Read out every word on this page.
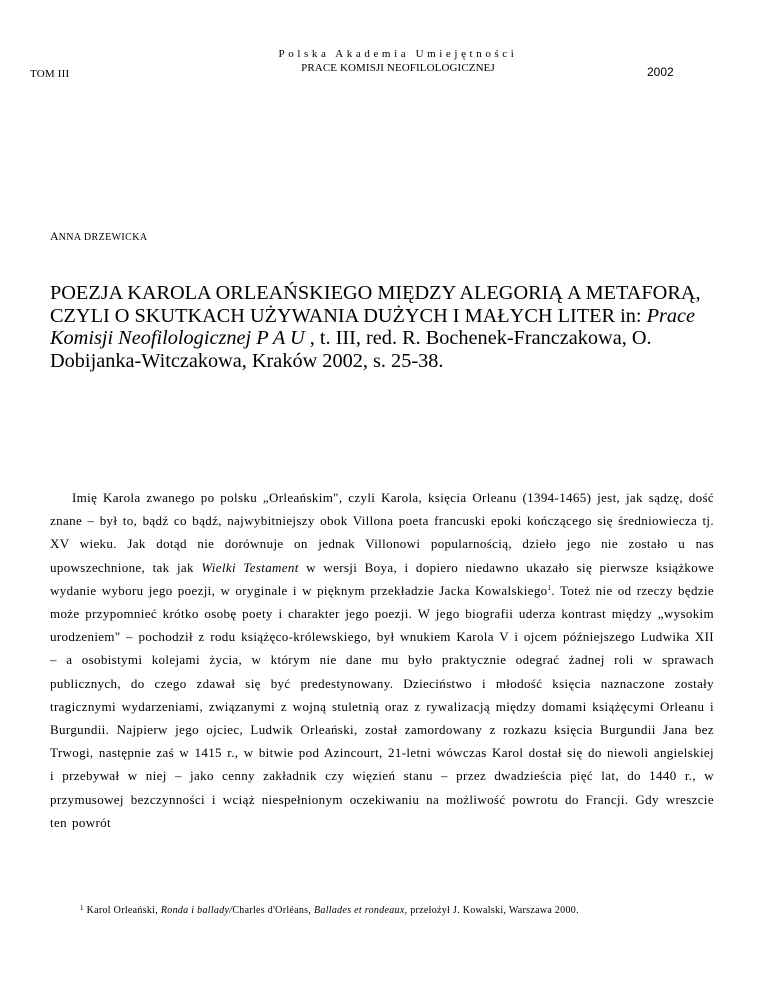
TOM III
Polska Akademia Umiejętności
PRACE KOMISJI NEOFILOLOGICZNEJ	2002
ANNA DRZEWICKA
POEZJA KAROLA ORLEAŃSKIEGO MIĘDZY ALEGORIĄ A METAFORĄ, CZYLI O SKUTKACH UŻYWANIA DUŻYCH I MAŁYCH LITER in: Prace Komisji Neofilologicznej P A U , t. III, red. R. Bochenek-Franczakowa, O. Dobijanka-Witczakowa, Kraków 2002, s. 25-38.

Imię Karola zwanego po polsku „Orleańskim", czyli Karola, księcia Orleanu (1394-1465) jest, jak sądzę, dość znane – był to, bądź co bądź, najwybitniejszy obok Villona poeta francuski epoki kończącego się średniowiecza tj. XV wieku. Jak dotąd nie dorównuje on jednak Villonowi popularnością, dzieło jego nie zostało u nas upowszechnione, tak jak Wielki Testament w wersji Boya, i dopiero niedawno ukazało się pierwsze książkowe wydanie wyboru jego poezji, w oryginale i w pięknym przekładzie Jacka Kowalskiego$^1$. Toteż nie od rzeczy będzie może przypomnieć krótko osobę poety i charakter jego poezji. W jego biografii uderza kontrast między „wysokim urodzeniem" – pochodził z rodu książęco-królewskiego, był wnukiem Karola V i ojcem późniejszego Ludwika XII – a osobistymi kolejami życia, w którym nie dane mu było praktycznie odegrać żadnej roli w sprawach publicznych, do czego zdawał się być predestynowany. Dzieciństwo i młodość księcia naznaczone zostały tragicznymi wydarzeniami, związanymi z wojną stuletnią oraz z rywalizacją między domami książęcymi Orleanu i Burgundii. Najpierw jego ojciec, Ludwik Orleański, został zamordowany z rozkazu księcia Burgundii Jana bez Trwogi, następnie zaś w 1415 r., w bitwie pod Azincourt, 21-letni wówczas Karol dostał się do niewoli angielskiej i przebywał w niej – jako cenny zakładnik czy więzień stanu – przez dwadzieścia pięć lat, do 1440 r., w przymusowej bezczynności i wciąż niespełnionym oczekiwaniu na możliwość powrotu do Francji. Gdy wreszcie ten powrót

$^1$ Karol Orleański, Ronda i ballady/Charles d'Orléans, Ballades et rondeaux, przełożył J. Kowalski, Warszawa 2000.
